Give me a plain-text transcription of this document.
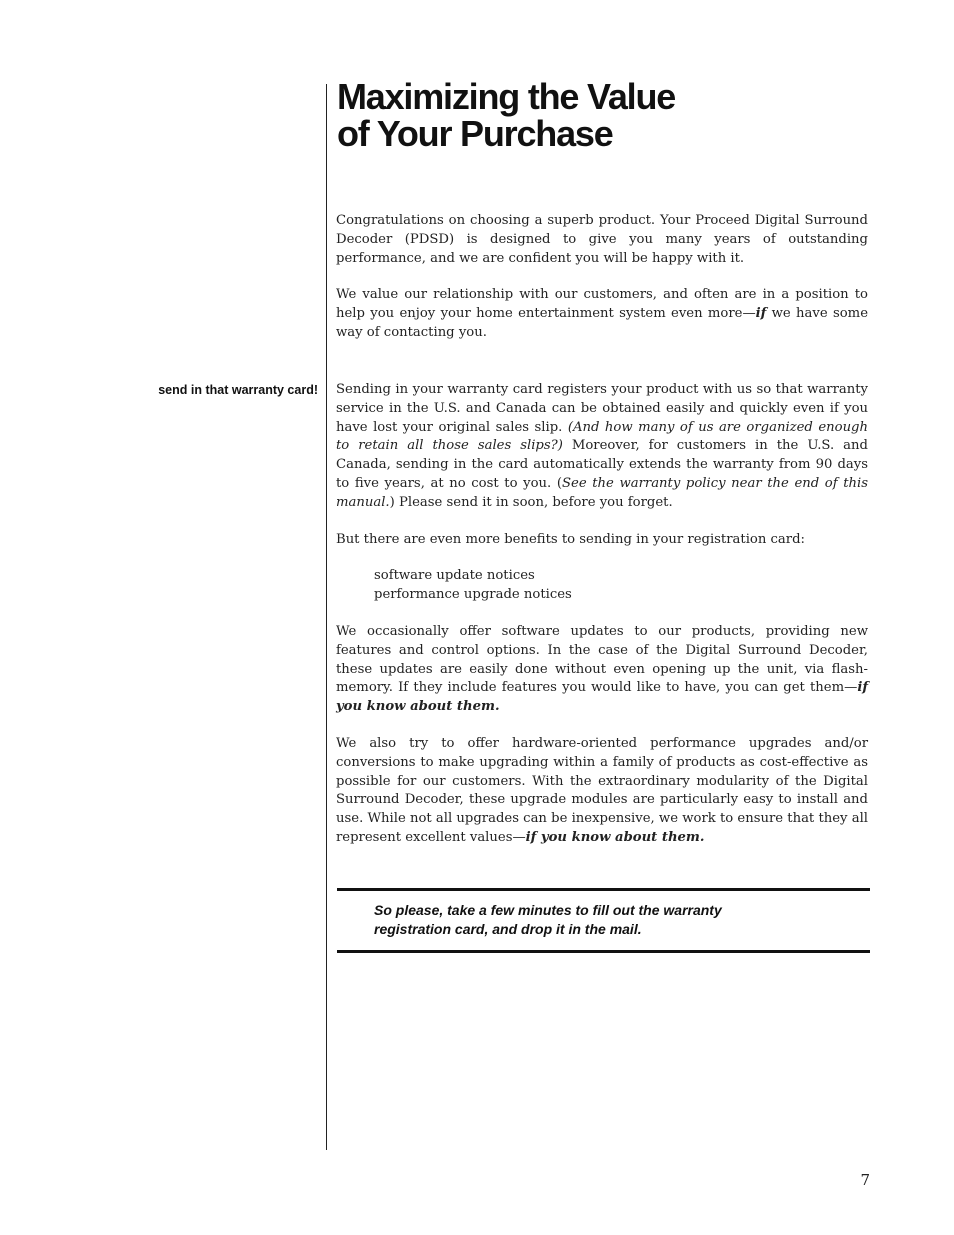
Maximizing the Value
of Your Purchase

Congratulations on choosing a superb product. Your Proceed Digital Surround Decoder (PDSD) is designed to give you many years of outstanding performance, and we are confident you will be happy with it.

We value our relationship with our customers, and often are in a position to help you enjoy your home entertainment system even more—if we have some way of contacting you.

send in that warranty card! Sending in your warranty card registers your product with us so that warranty service in the U.S. and Canada can be obtained easily and quickly even if you have lost your original sales slip. (And how many of us are organized enough to retain all those sales slips?) Moreover, for customers in the U.S. and Canada, sending in the card automatically extends the warranty from 90 days to five years, at no cost to you. (See the warranty policy near the end of this manual.) Please send it in soon, before you forget.

But there are even more benefits to sending in your registration card:

software update notices

performance upgrade notices

We occasionally offer software updates to our products, providing new features and control options. In the case of the Digital Surround Decoder, these updates are easily done without even opening up the unit, via flash-memory. If they include features you would like to have, you can get them—if you know about them.

We also try to offer hardware-oriented performance upgrades and/or conversions to make upgrading within a family of products as cost-effective as possible for our customers. With the extraordinary modularity of the Digital Surround Decoder, these upgrade modules are particularly easy to install and use. While not all upgrades can be inexpensive, we work to ensure that they all represent excellent values—if you know about them.

So please, take a few minutes to fill out the warranty
registration card, and drop it in the mail.
7
